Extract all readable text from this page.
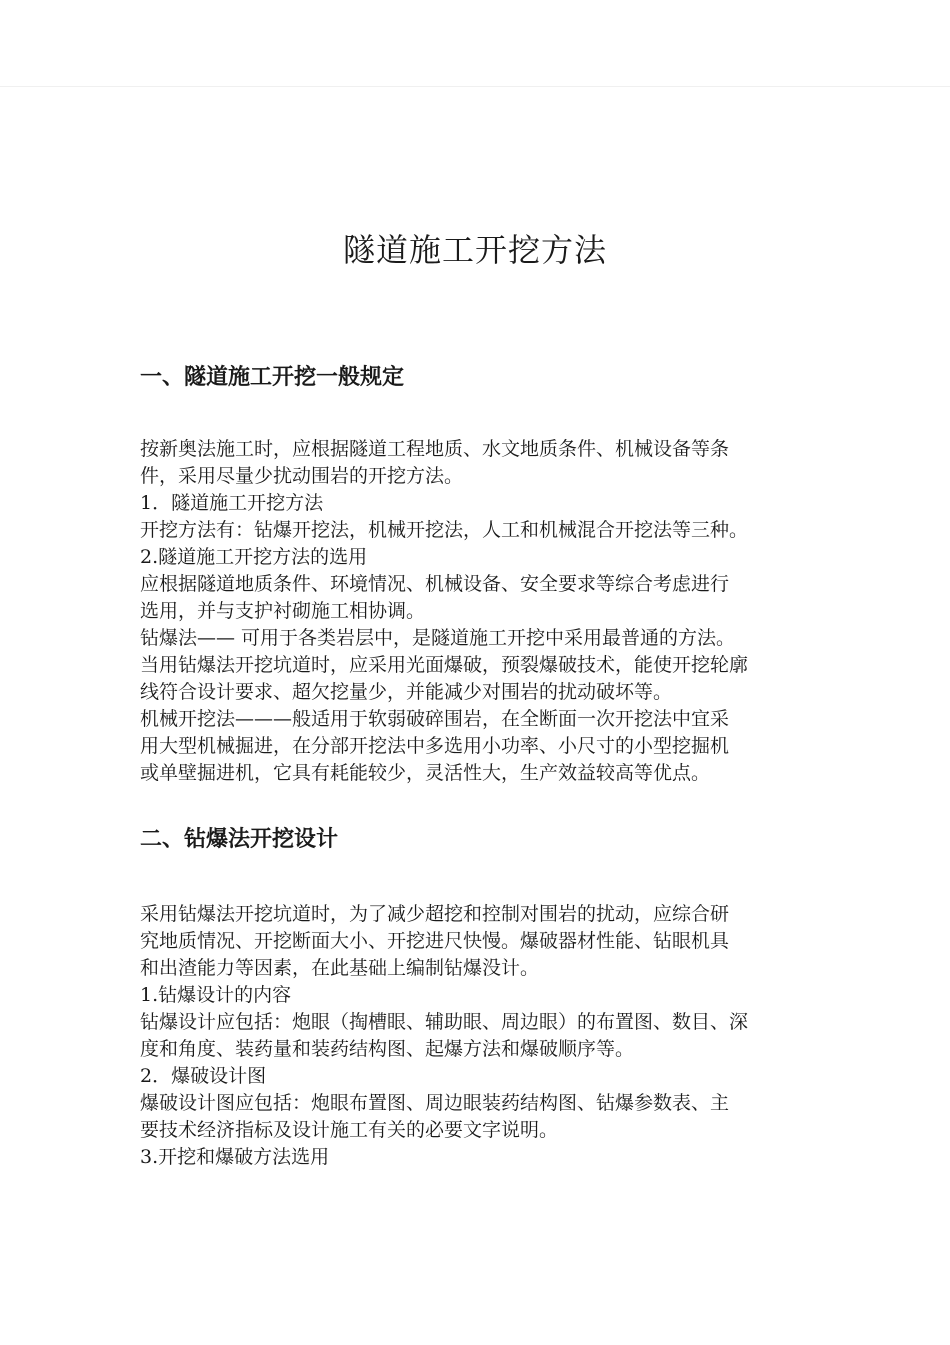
隧道施工开挖方法
一、隧道施工开挖一般规定

按新奥法施工时，应根据隧道工程地质、水文地质条件、机械设备等条

件，采用尽量少扰动围岩的开挖方法。

1．隧道施工开挖方法

开挖方法有：钻爆开挖法，机械开挖法，人工和机械混合开挖法等三种。

2.隧道施工开挖方法的选用

应根据隧道地质条件、环境情况、机械设备、安全要求等综合考虑进行

选用，并与支护衬砌施工相协调。

钻爆法—— 可用于各类岩层中，是隧道施工开挖中采用最普通的方法。

当用钻爆法开挖坑道时，应采用光面爆破，预裂爆破技术，能使开挖轮廓

线符合设计要求、超欠挖量少，并能减少对围岩的扰动破坏等。

机械开挖法———般适用于软弱破碎围岩，在全断面一次开挖法中宜采

用大型机械掘进，在分部开挖法中多选用小功率、小尺寸的小型挖掘机

或单壁掘进机，它具有耗能较少，灵活性大，生产效益较高等优点。

二、钻爆法开挖设计

采用钻爆法开挖坑道时，为了减少超挖和控制对围岩的扰动，应综合研

究地质情况、开挖断面大小、开挖进尺快慢。爆破器材性能、钻眼机具

和出渣能力等因素，在此基础上编制钻爆没计。

1.钻爆设计的内容

钻爆设计应包括：炮眼（掏槽眼、辅助眼、周边眼）的布置图、数目、深

度和角度、装药量和装药结构图、起爆方法和爆破顺序等。

2．爆破设计图

爆破设计图应包括：炮眼布置图、周边眼装药结构图、钻爆参数表、主

要技术经济指标及设计施工有关的必要文字说明。

3.开挖和爆破方法选用
